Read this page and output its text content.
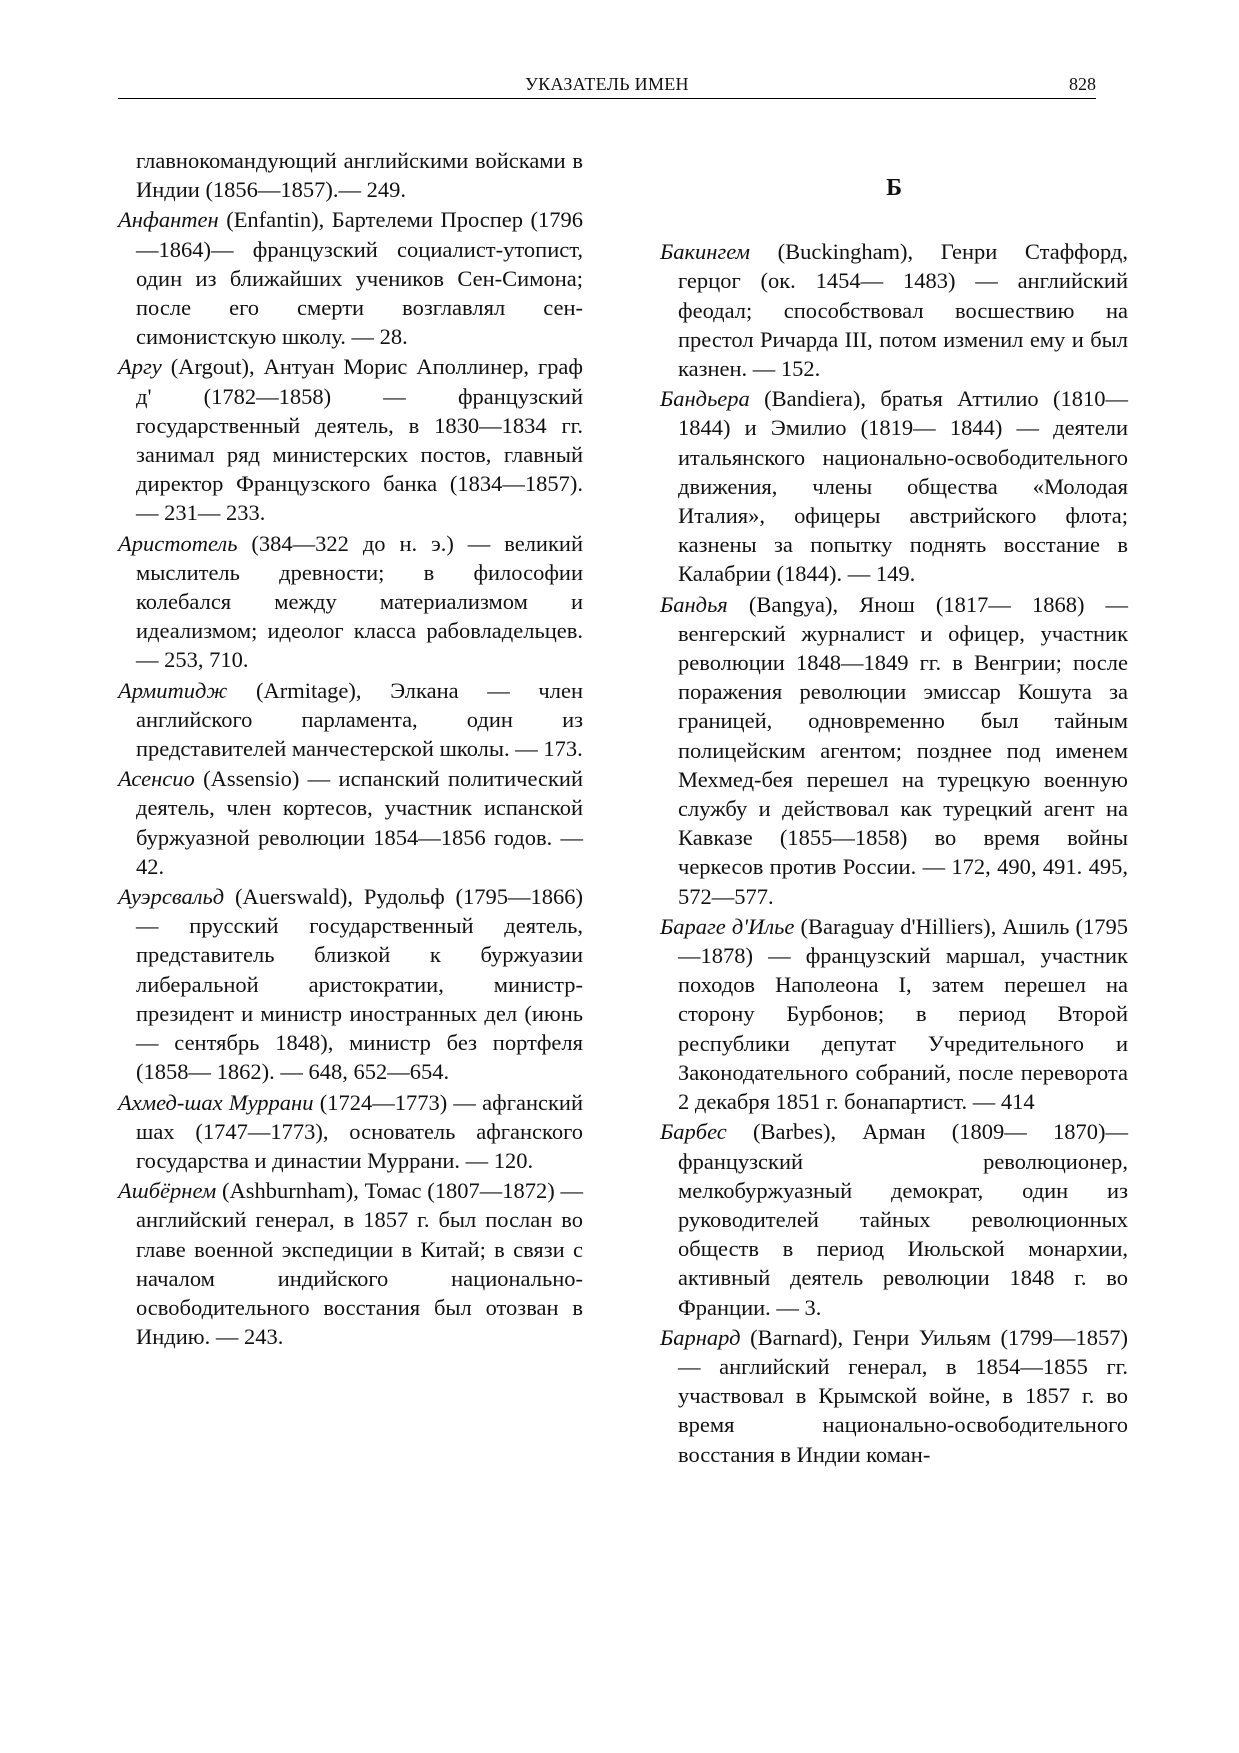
УКАЗАТЕЛЬ ИМЕН	828

главнокомандующий английскими войсками в Индии (1856—1857).— 249.

Анфантен (Enfantin), Бартелеми Проспер (1796—1864)— французский социалист-утопист, один из ближайших учеников Сен-Симона; после его смерти возглавлял сен-симонистскую школу. — 28.

Аргу (Argout), Антуан Морис Аполлинер, граф д' (1782—1858) — французский государственный деятель, в 1830—1834 гг. занимал ряд министерских постов, главный директор Французского банка (1834—1857). — 231— 233.

Аристотель (384—322 до н. э.) — великий мыслитель древности; в философии колебался между материализмом и идеализмом; идеолог класса рабовладельцев.— 253, 710.

Армитидж (Armitage), Элкана — член английского парламента, один из представителей манчестерской школы. — 173.

Асенсио (Assensio) — испанский политический деятель, член кортесов, участник испанской буржуазной революции 1854—1856 годов. — 42.

Ауэрсвальд (Auerswald), Рудольф (1795—1866) — прусский государственный деятель, представитель близкой к буржуазии либеральной аристократии, министр-президент и министр иностранных дел (июнь — сентябрь 1848), министр без портфеля (1858— 1862). — 648, 652—654.

Ахмед-шах Муррани (1724—1773) — афганский шах (1747—1773), основатель афганского государства и династии Муррани. — 120.

Ашбёрнем (Ashburnham), Томас (1807—1872) — английский генерал, в 1857 г. был послан во главе военной экспедиции в Китай; в связи с началом индийского национально-освободительного восстания был отозван в Индию. — 243.

Б

Бакингем (Buckingham), Генри Стаффорд, герцог (ок. 1454— 1483) — английский феодал; способствовал восшествию на престол Ричарда III, потом изменил ему и был казнен. — 152.

Бандьера (Bandiera), братья Аттилио (1810—1844) и Эмилио (1819— 1844) — деятели итальянского национально-освободительного движения, члены общества «Молодая Италия», офицеры австрийского флота; казнены за попытку поднять восстание в Калабрии (1844). — 149.

Бандья (Bangya), Янош (1817— 1868) — венгерский журналист и офицер, участник революции 1848—1849 гг. в Венгрии; после поражения революции эмиссар Кошута за границей, одновременно был тайным полицейским агентом; позднее под именем Мехмед-бея перешел на турецкую военную службу и действовал как турецкий агент на Кавказе (1855—1858) во время войны черкесов против России. — 172, 490, 491. 495, 572—577.

Бараге д'Илье (Baraguay d'Hilliers), Ашиль (1795—1878) — французский маршал, участник походов Наполеона I, затем перешел на сторону Бурбонов; в период Второй республики депутат Учредительного и Законодательного собраний, после переворота 2 декабря 1851 г. бонапартист. — 414

Барбес (Barbes), Арман (1809— 1870)— французский революционер, мелкобуржуазный демократ, один из руководителей тайных революционных обществ в период Июльской монархии, активный деятель революции 1848 г. во Франции. — 3.

Барнард (Barnard), Генри Уильям (1799—1857) — английский генерал, в 1854—1855 гг. участвовал в Крымской войне, в 1857 г. во время национально-освободительного восстания в Индии коман-
